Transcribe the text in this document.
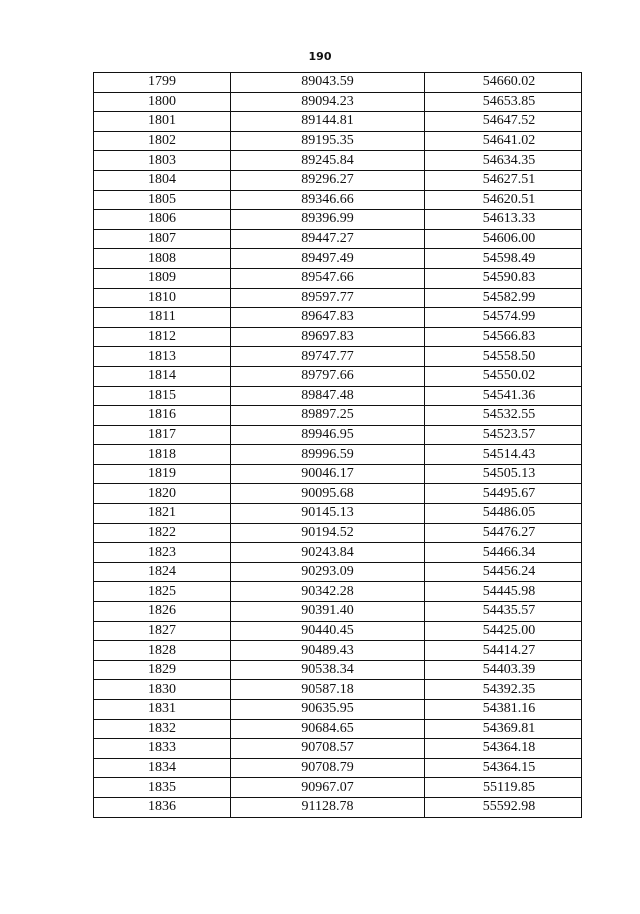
190
1799	89043.59	54660.02
1800	89094.23	54653.85
1801	89144.81	54647.52
1802	89195.35	54641.02
1803	89245.84	54634.35
1804	89296.27	54627.51
1805	89346.66	54620.51
1806	89396.99	54613.33
1807	89447.27	54606.00
1808	89497.49	54598.49
1809	89547.66	54590.83
1810	89597.77	54582.99
1811	89647.83	54574.99
1812	89697.83	54566.83
1813	89747.77	54558.50
1814	89797.66	54550.02
1815	89847.48	54541.36
1816	89897.25	54532.55
1817	89946.95	54523.57
1818	89996.59	54514.43
1819	90046.17	54505.13
1820	90095.68	54495.67
1821	90145.13	54486.05
1822	90194.52	54476.27
1823	90243.84	54466.34
1824	90293.09	54456.24
1825	90342.28	54445.98
1826	90391.40	54435.57
1827	90440.45	54425.00
1828	90489.43	54414.27
1829	90538.34	54403.39
1830	90587.18	54392.35
1831	90635.95	54381.16
1832	90684.65	54369.81
1833	90708.57	54364.18
1834	90708.79	54364.15
1835	90967.07	55119.85
1836	91128.78	55592.98
